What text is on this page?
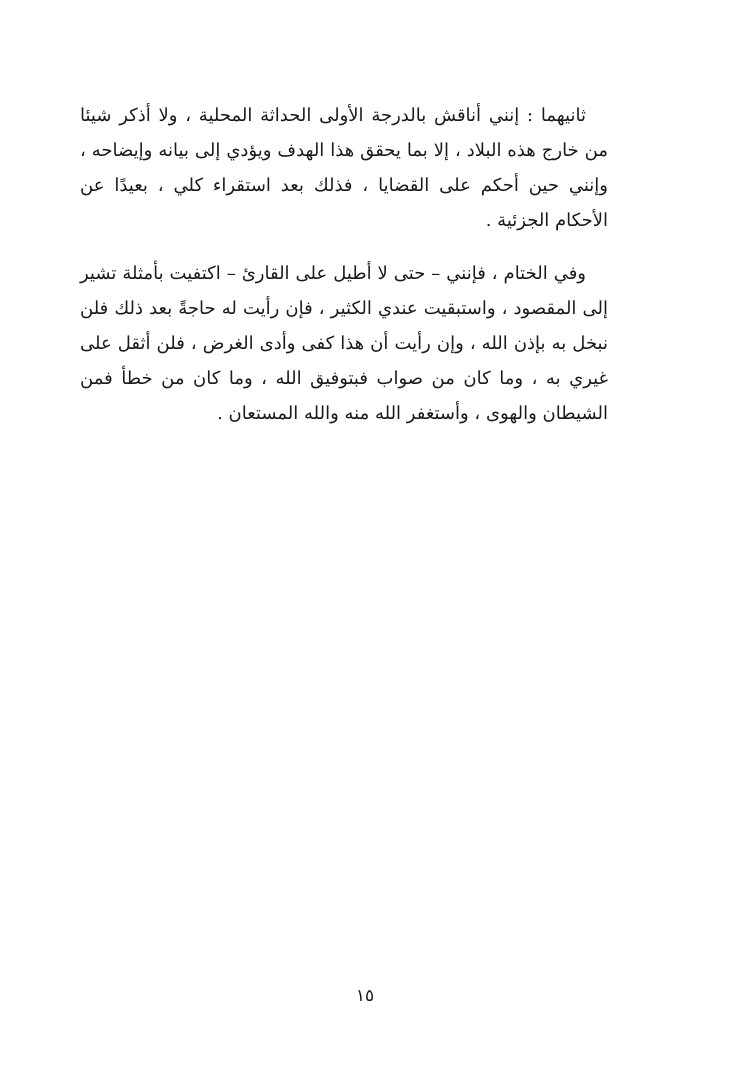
ثانيهما : إنني أناقش بالدرجة الأولى الحداثة المحلية ، ولا أذكر شيئا من خارج هذه البلاد ، إلا بما يحقق هذا الهدف ويؤدي إلى بيانه وإيضاحه ، وإنني حين أحكم على القضايا ، فذلك بعد استقراء كلي ، بعيدًا عن الأحكام الجزئية .

وفي الختام ، فإنني – حتى لا أطيل على القارئ – اكتفيت بأمثلة تشير إلى المقصود ، واستبقيت عندي الكثير ، فإن رأيت له حاجةً بعد ذلك فلن نبخل به بإذن الله ، وإن رأيت أن هذا كفى وأدى الغرض ، فلن أثقل على غيري به ، وما كان من صواب فبتوفيق الله ، وما كان من خطأ فمن الشيطان والهوى ، وأستغفر الله منه والله المستعان .

١٥
